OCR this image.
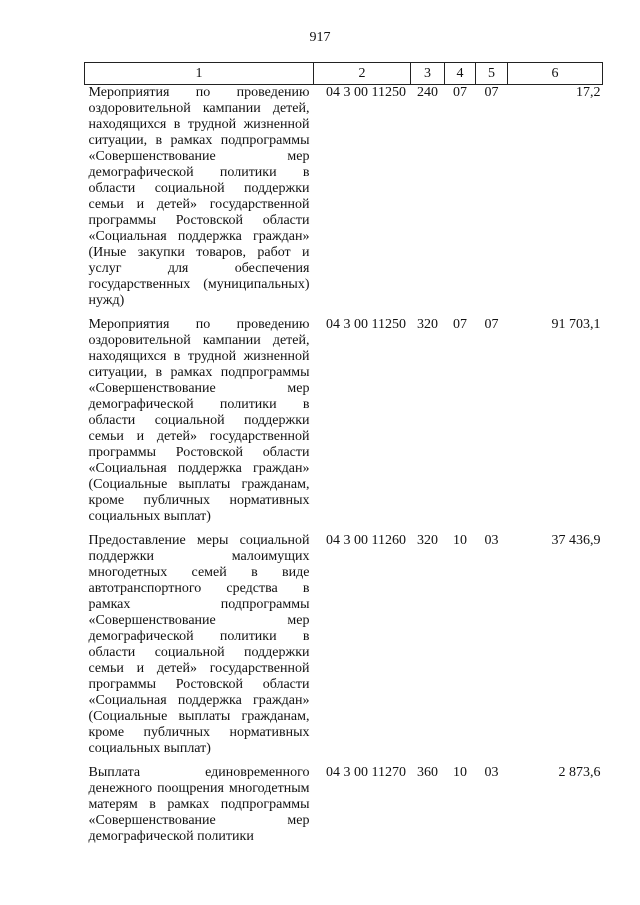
917
1	2	3	4	5	6
Мероприятия по проведению оздоровительной кампании детей, находящихся в трудной жизненной ситуации, в рамках подпрограммы «Совершенствование мер демографической политики в области социальной поддержки семьи и детей» государственной программы Ростовской области «Социальная поддержка граждан» (Иные закупки товаров, работ и услуг для обеспечения государственных (муниципальных) нужд)	04 3 00 11250	240	07	07	17,2
Мероприятия по проведению оздоровительной кампании детей, находящихся в трудной жизненной ситуации, в рамках подпрограммы «Совершенствование мер демографической политики в области социальной поддержки семьи и детей» государственной программы Ростовской области «Социальная поддержка граждан» (Социальные выплаты гражданам, кроме публичных нормативных социальных выплат)	04 3 00 11250	320	07	07	91 703,1
Предоставление меры социальной поддержки малоимущих многодетных семей в виде автотранспортного средства в рамках подпрограммы «Совершенствование мер демографической политики в области социальной поддержки семьи и детей» государственной программы Ростовской области «Социальная поддержка граждан» (Социальные выплаты гражданам, кроме публичных нормативных социальных выплат)	04 3 00 11260	320	10	03	37 436,9
Выплата единовременного денежного поощрения многодетным матерям в рамках подпрограммы «Совершенствование мер демографической политики	04 3 00 11270	360	10	03	2 873,6
